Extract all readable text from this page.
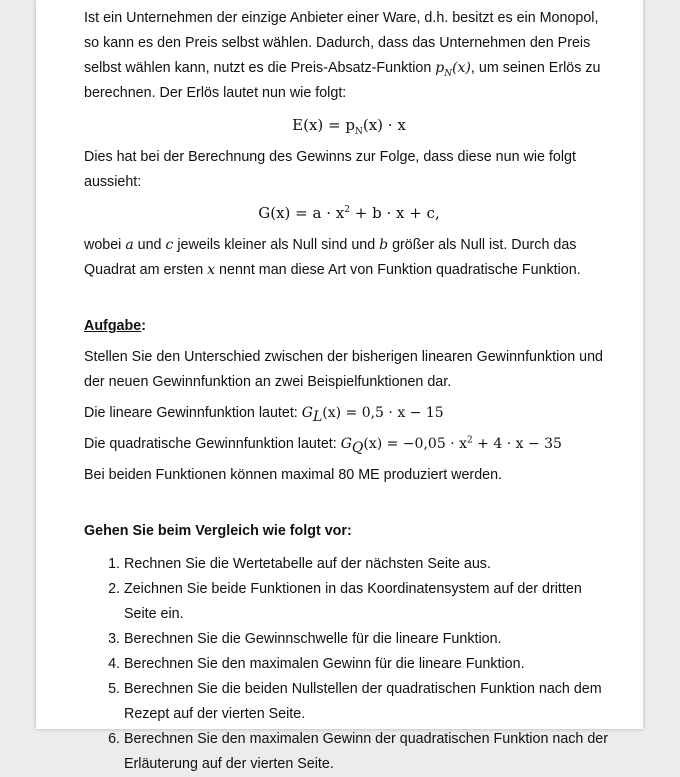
Ist ein Unternehmen der einzige Anbieter einer Ware, d.h. besitzt es ein Monopol, so kann es den Preis selbst wählen. Dadurch, dass das Unternehmen den Preis selbst wählen kann, nutzt es die Preis-Absatz-Funktion $p_N(x)$, um seinen Erlös zu berechnen. Der Erlös lautet nun wie folgt:

$E(x) = p_N(x) \cdot x$

Dies hat bei der Berechnung des Gewinns zur Folge, dass diese nun wie folgt aussieht:

$G(x) = a \cdot x^2 + b \cdot x + c$,

wobei a und c jeweils kleiner als Null sind und b größer als Null ist. Durch das Quadrat am ersten x nennt man diese Art von Funktion quadratische Funktion.

Aufgabe:

Stellen Sie den Unterschied zwischen der bisherigen linearen Gewinnfunktion und der neuen Gewinnfunktion an zwei Beispielfunktionen dar.

Die lineare Gewinnfunktion lautet: $G_L(x) = 0,5 \cdot x - 15$

Die quadratische Gewinnfunktion lautet: $G_Q(x) = -0,05 \cdot x^2 + 4 \cdot x - 35$

Bei beiden Funktionen können maximal 80 ME produziert werden.

Gehen Sie beim Vergleich wie folgt vor:

1. Rechnen Sie die Wertetabelle auf der nächsten Seite aus.
2. Zeichnen Sie beide Funktionen in das Koordinatensystem auf der dritten Seite ein.
3. Berechnen Sie die Gewinnschwelle für die lineare Funktion.
4. Berechnen Sie den maximalen Gewinn für die lineare Funktion.
5. Berechnen Sie die beiden Nullstellen der quadratischen Funktion nach dem Rezept auf der vierten Seite.
6. Berechnen Sie den maximalen Gewinn der quadratischen Funktion nach der Erläuterung auf der vierten Seite.
